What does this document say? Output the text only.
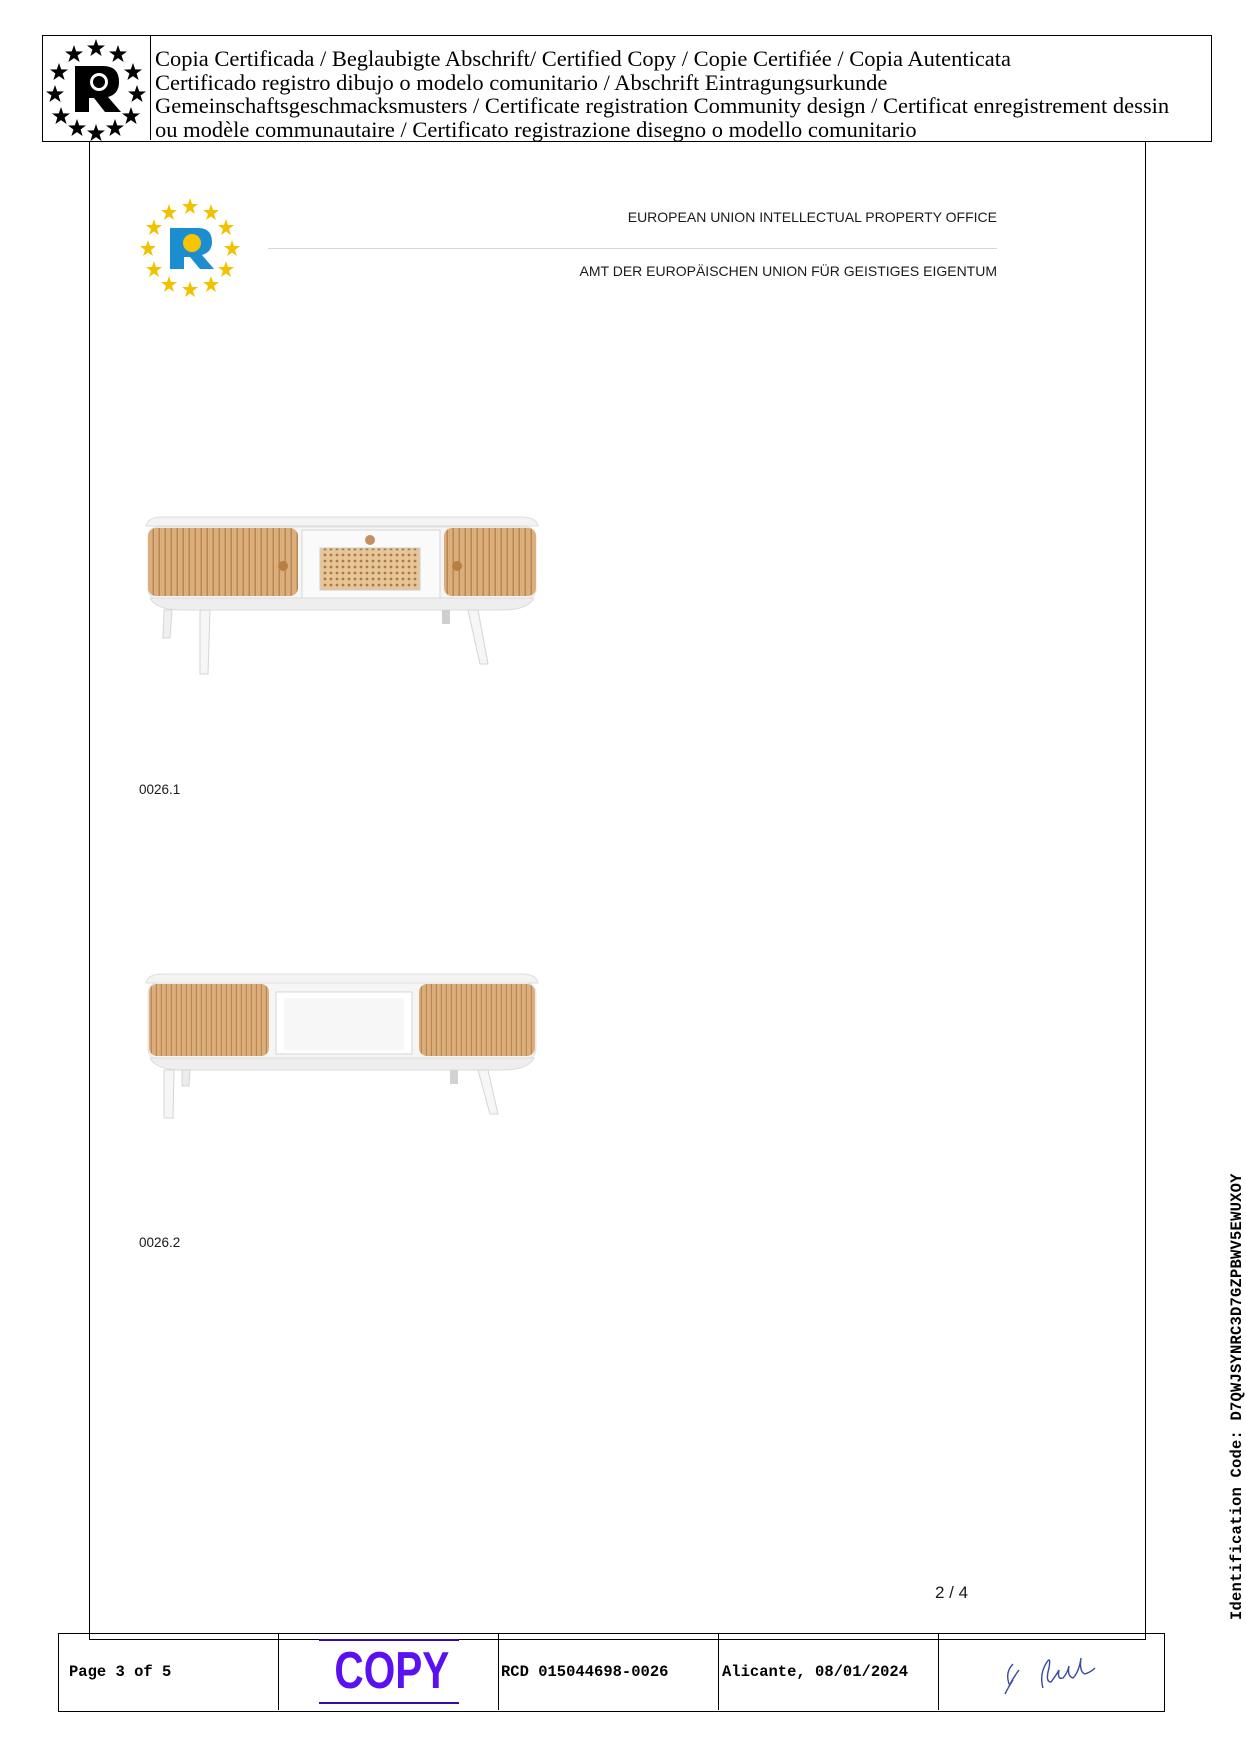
Copia Certificada / Beglaubigte Abschrift/ Certified Copy / Copie Certifiée / Copia Autenticata
Certificado registro dibujo o modelo comunitario / Abschrift Eintragungsurkunde
Gemeinschaftsgeschmacksmusters / Certificate registration Community design / Certificat enregistrement dessin
ou modèle communautaire / Certificato registrazione disegno o modello comunitario
EUROPEAN UNION INTELLECTUAL PROPERTY OFFICE
AMT DER EUROPÄISCHEN UNION FÜR GEISTIGES EIGENTUM
0026.1
0026.2
2 / 4	Identification Code: D7QWJSYNRC3D7GZPBWV5EWUXOY
Page 3 of 5	COPY	RCD 015044698-0026	Alicante, 08/01/2024
